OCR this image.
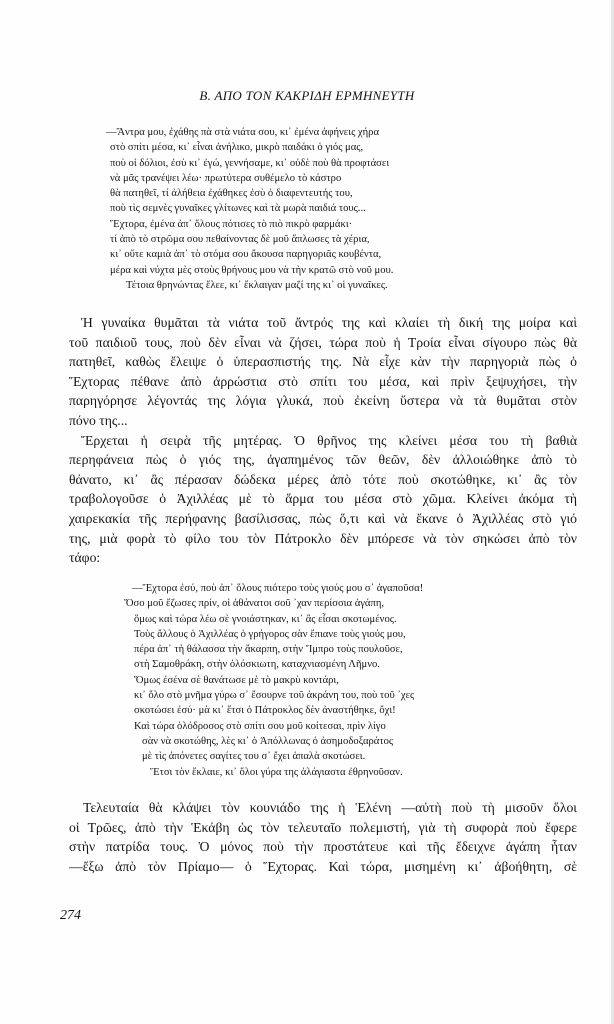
Β. ΑΠΟ ΤΟΝ ΚΑΚΡΙΔΗ ΕΡΜΗΝΕΥΤΗ
—Ἄντρα μου, ἐχάθης πὰ στὰ νιάτα σου, κι᾽ ἐμένα ἀφήνεις χήρα
στὸ σπίτι μέσα, κι᾽ εἶναι ἀνήλικο, μικρὸ παιδάκι ὁ γιός μας,
ποὺ οἱ δόλιοι, ἐσὺ κι᾽ ἐγώ, γεννήσαμε, κι᾽ οὐδὲ ποὺ θὰ προφτάσει
νὰ μᾶς τρανέψει λέω· πρωτύτερα συθέμελο τὸ κάστρο
θὰ πατηθεῖ, τί ἀλήθεια ἐχάθηκες ἐσὺ ὁ διαφεντευτής του,
ποὺ τὶς σεμνὲς γυναῖκες γλίτωνες καὶ τὰ μωρὰ παιδιά τους...
Ἕχτορα, ἐμένα ἀπ᾽ ὅλους πότισες τὸ πιὸ πικρὸ φαρμάκι·
τί ἀπὸ τὸ στρῶμα σου πεθαίνοντας δὲ μοῦ ἅπλωσες τὰ χέρια,
κι᾽ οὔτε καμιὰ ἀπ᾽ τὸ στόμα σου ἄκουσα παρηγοριᾶς κουβέντα,
μέρα καὶ νύχτα μὲς στοὺς θρήνους μου νὰ τὴν κρατῶ στὸ νοῦ μου.
Τέτοια θρηνώντας ἔλεε, κι᾽ ἔκλαιγαν μαζί της κι᾽ οἱ γυναῖκες.
Ἡ γυναίκα θυμᾶται τὰ νιάτα τοῦ ἄντρός της καὶ κλαίει τὴ δική της μοίρα καὶ
τοῦ παιδιοῦ τους, ποὺ δὲν εἶναι νὰ ζήσει, τώρα ποὺ ἡ Τροία εἶναι σίγουρο πὼς θὰ
πατηθεῖ, καθὼς ἔλειψε ὁ ὑπερασπιστής της. Νὰ εἶχε κὰν τὴν παρηγοριὰ πὼς ὁ
Ἕχτορας πέθανε ἀπὸ ἀρρώστια στὸ σπίτι του μέσα, καὶ πρὶν ξεψυχήσει, τὴν
παρηγόρησε λέγοντάς της λόγια γλυκά, ποὺ ἐκείνη ὕστερα νὰ τὰ θυμᾶται στὸν
πόνο της...
Ἔρχεται ἡ σειρὰ τῆς μητέρας. Ὁ θρῆνος της κλείνει μέσα του τὴ βαθιὰ
περηφάνεια πὼς ὁ γιός της, ἀγαπημένος τῶν θεῶν, δὲν ἀλλοιώθηκε ἀπὸ τὸ
θάνατο, κι᾽ ἂς πέρασαν δώδεκα μέρες ἀπὸ τότε ποὺ σκοτώθηκε, κι᾽ ἂς τὸν
τραβολογοῦσε ὁ Ἀχιλλέας μὲ τὸ ἅρμα του μέσα στὸ χῶμα. Κλείνει ἀκόμα τὴ
χαιρεκακία τῆς περήφανης βασίλισσας, πὼς ὅ,τι καὶ νὰ ἔκανε ὁ Ἀχιλλέας στὸ γιό
της, μιὰ φορὰ τὸ φίλο του τὸν Πάτροκλο δὲν μπόρεσε νὰ τὸν σηκώσει ἀπὸ τὸν
τάφο:
—Ἕχτορα ἐσύ, ποὺ ἀπ᾽ ὅλους πιότερο τοὺς γιούς μου σ᾽ ἀγαποῦσα!
Ὅσο μοῦ ἔζωσες πρίν, οἱ ἀθάνατοι σοῦ ᾽χαν περίσσια ἀγάπη,
ὅμως καὶ τώρα λέω σὲ γνοιάστηκαν, κι᾽ ἂς εἶσαι σκοτωμένος.
Τοὺς ἄλλους ὁ Ἀχιλλέας ὁ γρήγορος σὰν ἔπιανε τοὺς γιούς μου,
πέρα ἀπ᾽ τὴ θάλασσα τὴν ἄκαρπη, στὴν Ἴμπρο τοὺς πουλοῦσε,
στὴ Σαμοθράκη, στὴν ὁλόσκιωτη, καταχνιασμένη Λῆμνο.
Ὅμως ἐσένα σὲ θανάτωσε μὲ τὸ μακρὺ κοντάρι,
κι᾽ ὅλο στὸ μνῆμα γύρω σ᾽ ἔσουρνε τοῦ ἀκράνη του, ποὺ τοῦ ᾽χες
σκοτώσει ἐσύ· μὰ κι᾽ ἔτσι ὁ Πάτροκλος δὲν ἀναστήθηκε, ὄχι!
Καὶ τώρα ὁλόδροσος στὸ σπίτι σου μοῦ κοίτεσαι, πρὶν λίγο
σὰν νὰ σκοτώθης, λὲς κι᾽ ὁ Ἀπόλλωνας ὁ ἀσημοδοξαράτος
μὲ τὶς ἀπόνετες σαγίτες του σ᾽ ἔχει ἁπαλὰ σκοτώσει.
Ἔτσι τὸν ἔκλαιε, κι᾽ ὅλοι γύρα της ἀλάγιαστα ἐθρηνοῦσαν.
Τελευταία θὰ κλάψει τὸν κουνιάδο της ἡ Ἑλένη —αὐτὴ ποὺ τὴ μισοῦν ὅλοι
οἱ Τρῶες, ἀπὸ τὴν Ἑκάβη ὡς τὸν τελευταῖο πολεμιστή, γιὰ τὴ συφορὰ ποὺ ἔφερε
στὴν πατρίδα τους. Ὁ μόνος ποὺ τὴν προστάτευε καὶ τῆς ἔδειχνε ἀγάπη ἦταν
—ἔξω ἀπὸ τὸν Πρίαμο— ὁ Ἕχτορας. Καὶ τώρα, μισημένη κι᾽ ἀβοήθητη, σὲ
274
